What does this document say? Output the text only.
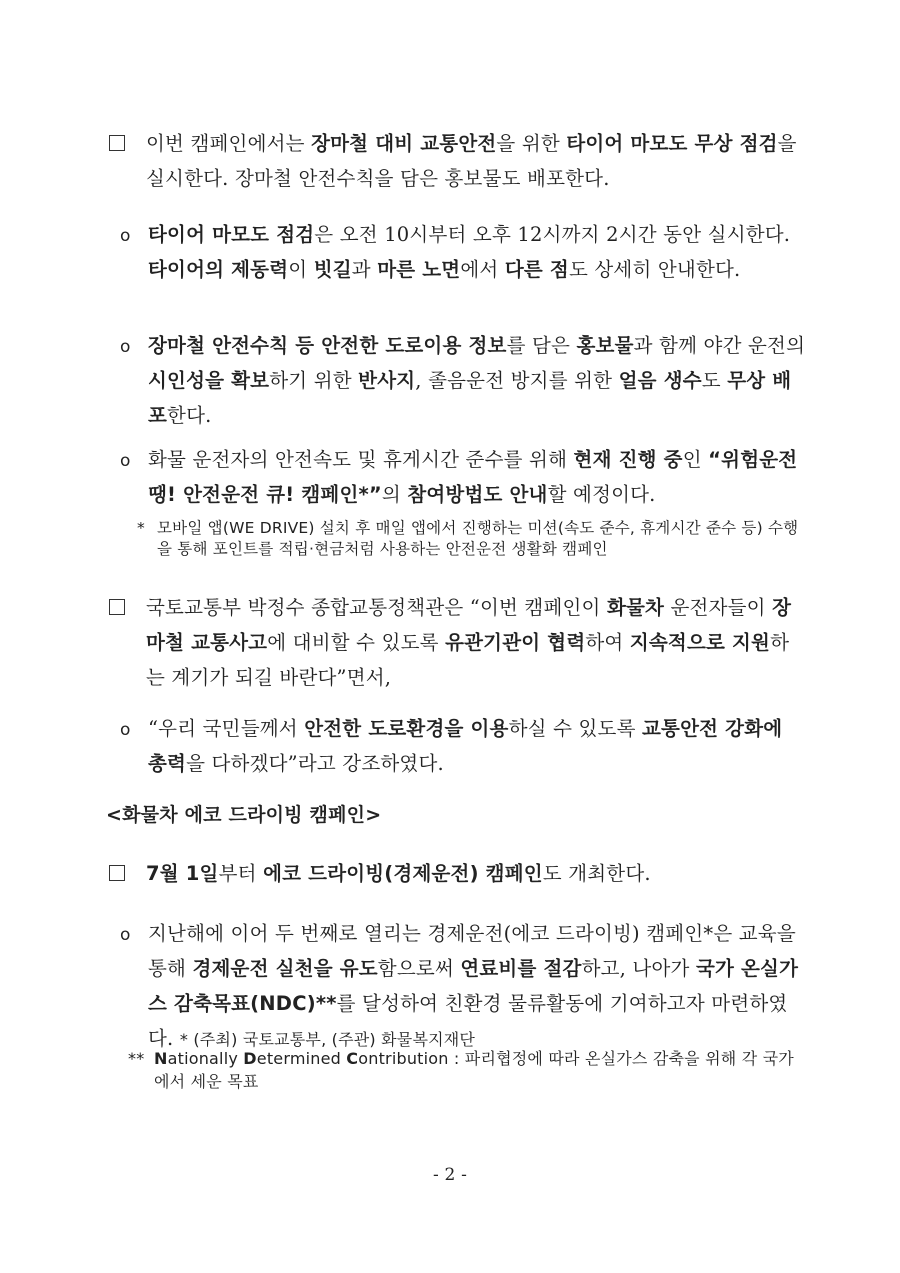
이번 캠페인에서는 장마철 대비 교통안전을 위한 타이어 마모도 무상 점검을 실시한다. 장마철 안전수칙을 담은 홍보물도 배포한다.
ο 타이어 마모도 점검은 오전 10시부터 오후 12시까지 2시간 동안 실시한다. 타이어의 제동력이 빗길과 마른 노면에서 다른 점도 상세히 안내한다.
ο 장마철 안전수칙 등 안전한 도로이용 정보를 담은 홍보물과 함께 야간 운전의 시인성을 확보하기 위한 반사지, 졸음운전 방지를 위한 얼음 생수도 무상 배포한다.
ο 화물 운전자의 안전속도 및 휴게시간 준수를 위해 현재 진행 중인 “위험운전 땡! 안전운전 큐! 캠페인*”의 참여방법도 안내할 예정이다.
* 모바일 앱(WE DRIVE) 설치 후 매일 앱에서 진행하는 미션(속도 준수, 휴게시간 준수 등) 수행을 통해 포인트를 적립·현금처럼 사용하는 안전운전 생활화 캠페인
국토교통부 박정수 종합교통정책관은 “이번 캠페인이 화물차 운전자들이 장마철 교통사고에 대비할 수 있도록 유관기관이 협력하여 지속적으로 지원하는 계기가 되길 바란다”면서,
ο “우리 국민들께서 안전한 도로환경을 이용하실 수 있도록 교통안전 강화에 총력을 다하겠다”라고 강조하였다.
<화물차 에코 드라이빙 캠페인>
7월 1일부터 에코 드라이빙(경제운전) 캠페인도 개최한다.
ο 지난해에 이어 두 번째로 열리는 경제운전(에코 드라이빙) 캠페인*은 교육을 통해 경제운전 실천을 유도함으로써 연료비를 절감하고, 나아가 국가 온실가스 감축목표(NDC)**를 달성하여 친환경 물류활동에 기여하고자 마련하였다. * (주최) 국토교통부, (주관) 화물복지재단
** Nationally Determined Contribution : 파리협정에 따라 온실가스 감축을 위해 각 국가에서 세운 목표
- 2 -
